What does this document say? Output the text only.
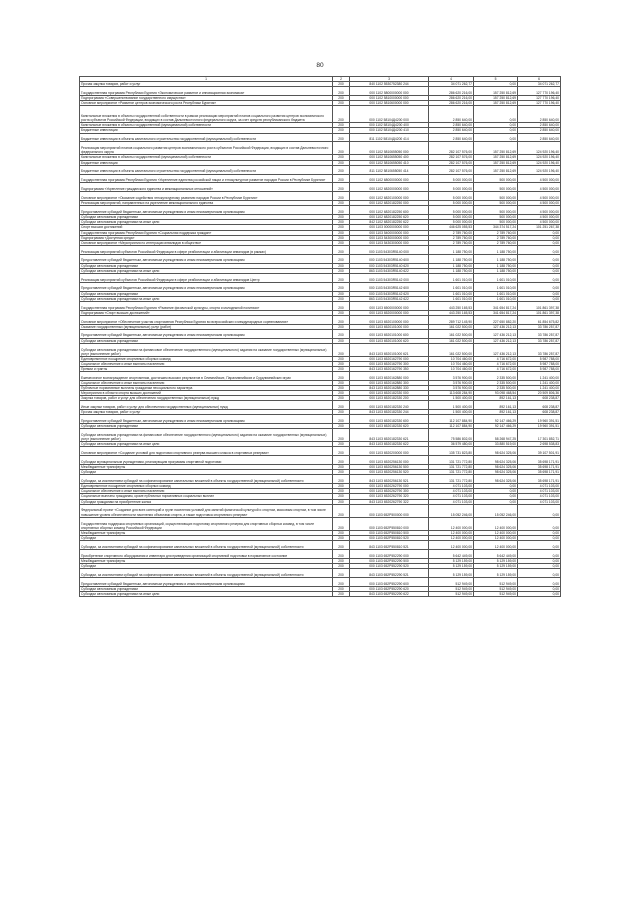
80
1	2	3	4	5	6
Прочая закупка товаров, работ и услуг	200	840 1102 5530752380 244	34 071 262,77	0,00	34 071 262,77
Государственная программа Республики Бурятия «Экономическое развитие и инновационная экономика»	200	000 1102 5800000000 000	286 620 216,00	157 250 812,69	127 770 196,40
Подпрограмма «Совершенствование государственного имущества»	200	000 1102 5810000000 000	286 620 216,00	157 250 812,69	127 770 196,40
Основное мероприятие «Развитие центров экономического роста Республики Бурятия»	200	000 1102 5810600000 000	286 620 216,00	157 250 812,69	127 770 196,40
Капитальные вложения в объекты государственной собственности в рамках реализации мероприятий планов социального развития центров экономического роста субъектов Российской Федерации, входящих в состав Дальневосточного федерального округа, за счет средств республиканского бюджета	200	000 1102 58104Д4200 000	2 850 640,00	0,00	2 850 640,00
Капитальные вложения в объекты государственной (муниципальной) собственности	200	000 1102 58104Д4200 400	2 850 640,00	0,00	2 850 640,00
Бюджетные инвестиции	200	000 1102 58104Д4200 410	2 850 640,00	0,00	2 850 640,00
Бюджетные инвестиции в объекты капитального строительства государственной (муниципальной) собственности	200	811 1102 58104Д4200 414	2 850 640,00	0,00	2 850 640,00
Реализация мероприятий планов социального развития центров экономического роста субъектов Российской Федерации, входящих в состав Дальневосточного федерального округа	200	000 1102 5810655050 000	282 107 576,00	157 250 812,69	124 920 196,40
Капитальные вложения в объекты государственной (муниципальной) собственности	200	000 1102 5810655050 400	282 107 576,00	157 250 812,69	124 920 196,40
Бюджетные инвестиции	200	000 1102 5810655050 410	282 107 576,00	157 250 812,69	124 920 196,40
Бюджетные инвестиции в объекты капитального строительства государственной (муниципальной) собственности	200	811 1102 5810655050 414	282 107 576,00	157 250 812,69	124 920 196,40
Государственная программа Республики Бурятия «Укрепление единства российской нации и этнокультурное развитие народов России в Республике Бурятия»	200	000 1102 6800000000 000	5 000 000,00	500 000,00	4 500 000,00
Подпрограмма «Укрепление гражданского единства и межнациональных отношений»	200	000 1102 6820000000 000	5 000 000,00	500 000,00	4 500 000,00
Основное мероприятие «Оказание содействия этнокультурному развитию народов России в Республике Бурятия»	200	000 1102 6820100000 000	5 000 000,00	500 000,00	4 500 000,00
Реализация мероприятий, направленных на укрепление межнационального единства	200	000 1102 6820182250 000	5 000 000,00	500 000,00	4 500 000,00
Предоставление субсидий бюджетным, автономным учреждениям и иным некоммерческим организациям	200	000 1102 6820182250 600	5 000 000,00	500 000,00	4 500 000,00
Субсидии автономным учреждениям	200	000 1102 6820182250 620	5 000 000,00	500 000,00	4 500 000,00
Субсидии автономным учреждениям на иные цели	200	842 1102 6820182250 622	5 000 000,00	500 000,00	4 500 000,00
Спорт высших достижений	200	000 1103 0000000000 000	446 625 055,53	344 374 517,24	101 251 267,38
Государственная программа Республики Бурятия «Социальная поддержка граждан»	200	000 1103 5400000000 000	2 789 760,00	2 789 760,00	0,00
Подпрограмма «Доступная среда»	200	000 1103 5430000000 000	2 789 760,00	2 789 760,00	0,00
Основное мероприятие «Мероприятия по интеграции инвалидов в общество»	200	000 1103 5430300000 000	2 789 760,00	2 789 760,00	0,00
Реализация мероприятий субъектов Российской Федерации в сфере реабилитации и абилитации инвалидов (в рамках)	200	000 1103 54303R5140 000	1 188 750,00	1 188 750,00	0,00
Предоставление субсидий бюджетным, автономным учреждениям и иным некоммерческим организациям	200	000 1103 54303R5140 600	1 188 750,00	1 188 750,00	0,00
Субсидии автономным учреждениям	200	000 1103 54303R5140 620	1 188 750,00	1 188 750,00	0,00
Субсидии автономным учреждениям на иные цели	200	863 1103 54303R5140 622	1 188 750,00	1 188 750,00	0,00
Реализация мероприятий субъектов Российской Федерации в сфере реабилитации и абилитации инвалидов Центр	200	000 1103 54303R5142 000	1 601 010,00	1 601 010,00	0,00
Предоставление субсидий бюджетным, автономным учреждениям и иным некоммерческим организациям	200	000 1103 54303R5142 600	1 601 010,00	1 601 010,00	0,00
Субсидии автономным учреждениям	200	000 1103 54303R5142 620	1 601 010,00	1 601 010,00	0,00
Субсидии автономным учреждениям на иные цели	200	863 1103 54303R5142 622	1 601 010,00	1 601 010,00	0,00
Государственная программа Республики Бурятия «Развитие физической культуры, спорта и молодежной политики»	200	000 1103 6500000000 000	443 250 165,53	341 654 817,24	101 861 397,38
Подпрограмма «Спорт высших достижений»	200	000 1103 6520000000 000	443 250 165,53	341 654 817,24	101 861 397,38
Основное мероприятие «Обеспечение участия спортсменов Республики Бурятия во всероссийских и международных соревнованиях»	200	000 1103 6520100000 000	289 712 145,90	227 650 882,20	61 854 675,82
Оказание государственных (муниципальных) услуг (работ)	200	000 1103 6520101000 000	161 022 500,00	127 436 212,13	33 786 257,87
Предоставление субсидий бюджетным, автономным учреждениям и иным некоммерческим организациям	200	000 1103 6520101000 600	161 022 500,00	127 436 212,13	33 786 257,87
Субсидии автономным учреждениям	200	000 1103 6520101000 620	161 022 500,00	127 436 212,13	33 786 257,87
Субсидии автономным учреждениям на финансовое обеспечение государственного (муниципального) задания на оказание государственных (муниципальных) услуг (выполнение работ)	200	843 1103 6520101000 621	161 022 500,00	127 436 212,13	33 786 257,87
Единовременное поощрение спортивных сборных команд	200	000 1103 6520162790 000	10 704 460,00	4 716 672,00	5 987 788,00
Социальное обеспечение и иные выплаты населению	200	000 1103 6520162790 300	10 704 460,00	4 716 672,00	5 987 788,00
Премии и гранты	200	843 1103 6520162790 350	10 704 460,00	4 716 672,00	5 987 788,00
Ежемесячное вознаграждение спортсменам, достигшим высоких результатов в Олимпийских, Паралимпийских и Сурдлимпийских играх	200	000 1103 6520162880 000	3 576 900,00	2 335 500,00	1 241 400,00
Социальное обеспечение и иные выплаты населению	200	000 1103 6520162880 300	3 576 900,00	2 335 500,00	1 241 400,00
Публичные нормативные выплаты гражданам несоциального характера	200	843 1103 6520162880 330	3 576 900,00	2 335 500,00	1 241 400,00
Мероприятия в области спорта высших достижений	200	000 1103 6520182330 000	113 608 284,90	93 098 468,54	20 509 806,36
Закупка товаров, работ и услуг для обеспечения государственных (муниципальных) нужд	200	000 1103 6520182330 200	1 500 400,00	892 161,13	608 238,87
Иные закупки товаров, работ и услуг для обеспечения государственных (муниципальных) нужд	200	000 1103 6520182330 240	1 500 400,00	892 161,13	608 238,87
Прочая закупка товаров, работ и услуг	200	843 1103 6520182330 244	1 500 400,00	892 161,13	608 238,87
Предоставление субсидий бюджетным, автономным учреждениям и иным некоммерческим организациям	200	000 1103 6520182330 600	112 107 884,90	92 147 466,29	19 960 391,51
Субсидии автономным учреждениям	200	000 1103 6520182330 620	112 107 884,90	92 147 466,29	19 960 391,51
Субсидии автономным учреждениям на финансовое обеспечение государственного (муниципального) задания на оказание государственных (муниципальных) услуг (выполнение работ)	200	843 1103 6520182330 621	75 586 802,00	58 268 947,25	17 301 852,71
Субсидии автономным учреждениям на иные цели	200	843 1103 6520182330 622	36 579 480,00	33 880 519,00	2 698 538,83
Основное мероприятие «Создание условий для подготовки спортивного резерва высшего класса в спортивных резервах»	200	000 1103 6520200000 000	135 731 823,80	98 624 325,06	39 107 501,91
Субсидии муниципальным учреждениям, реализующим программы спортивной подготовки	200	000 1103 6520256130 000	131 721 772,80	98 624 325,06	35 698 171,91
Межбюджетные трансферты	200	000 1103 6520256130 500	131 721 772,80	98 624 325,06	35 698 171,91
Субсидии	200	000 1103 6520256130 520	131 721 772,80	98 624 325,06	35 698 171,91
Субсидии, за исключением субсидий на софинансирование капитальных вложений в объекты государственной (муниципальной) собственности	200	843 1103 6520256130 521	131 721 772,80	98 624 325,06	35 698 171,91
Единовременное поощрение спортивных сборных команд	200	000 1103 6520262790 000	4 071 103,00	0,00	4 071 103,00
Социальное обеспечение и иные выплаты населению	200	000 1103 6520262790 300	4 071 103,00	0,00	4 071 103,00
Социальные выплаты гражданам, кроме публичных нормативных социальных выплат	200	000 1103 6520262790 320	4 071 103,00	0,00	4 071 103,00
Субсидии гражданам на приобретение жилья	200	843 1103 6520262790 322	4 071 103,00	0,00	4 071 103,00
Федеральный проект «Создание для всех категорий и групп населения условий для занятий физической культурой и спортом, массовым спортом, в том числе повышение уровня обеспеченности населения объектами спорта, а также подготовка спортивного резерва»	200	000 1103 652P500000 000	15 052 246,00	15 052 246,00	0,00
Государственная поддержка спортивных организаций, осуществляющих подготовку спортивного резерва для спортивных сборных команд, в том числе спортивных сборных команд Российской Федерации	200	000 1103 652P550810 000	12 400 000,00	12 400 000,00	0,00
Межбюджетные трансферты	200	000 1103 652P550810 500	12 400 000,00	12 400 000,00	0,00
Субсидии	200	000 1103 652P550810 520	12 400 000,00	12 400 000,00	0,00
Субсидии, за исключением субсидий на софинансирование капитальных вложений в объекты государственной (муниципальной) собственности	200	843 1103 652P550810 521	12 400 000,00	12 400 000,00	0,00
Приобретение спортивного оборудования и инвентаря для приведения организаций спортивной подготовки в нормативное состояние	200	000 1103 652P552290 000	5 642 449,00	5 642 449,00	0,00
Межбюджетные трансферты	200	000 1103 652P552290 500	5 129 159,00	5 129 159,00	0,00
Субсидии	200	000 1103 652P552290 520	5 129 159,00	5 129 159,00	0,00
Субсидии, за исключением субсидий на софинансирование капитальных вложений в объекты государственной (муниципальной) собственности	200	843 1103 652P552290 521	5 129 159,00	5 129 159,00	0,00
Предоставление субсидий бюджетным, автономным учреждениям и иным некоммерческим организациям	200	000 1103 652P552290 600	512 949,00	512 949,00	0,00
Субсидии автономным учреждениям	200	000 1103 652P552290 620	512 949,00	512 949,00	0,00
Субсидии автономным учреждениям на иные цели	200	843 1103 652P552290 622	512 949,00	512 949,00	0,00
